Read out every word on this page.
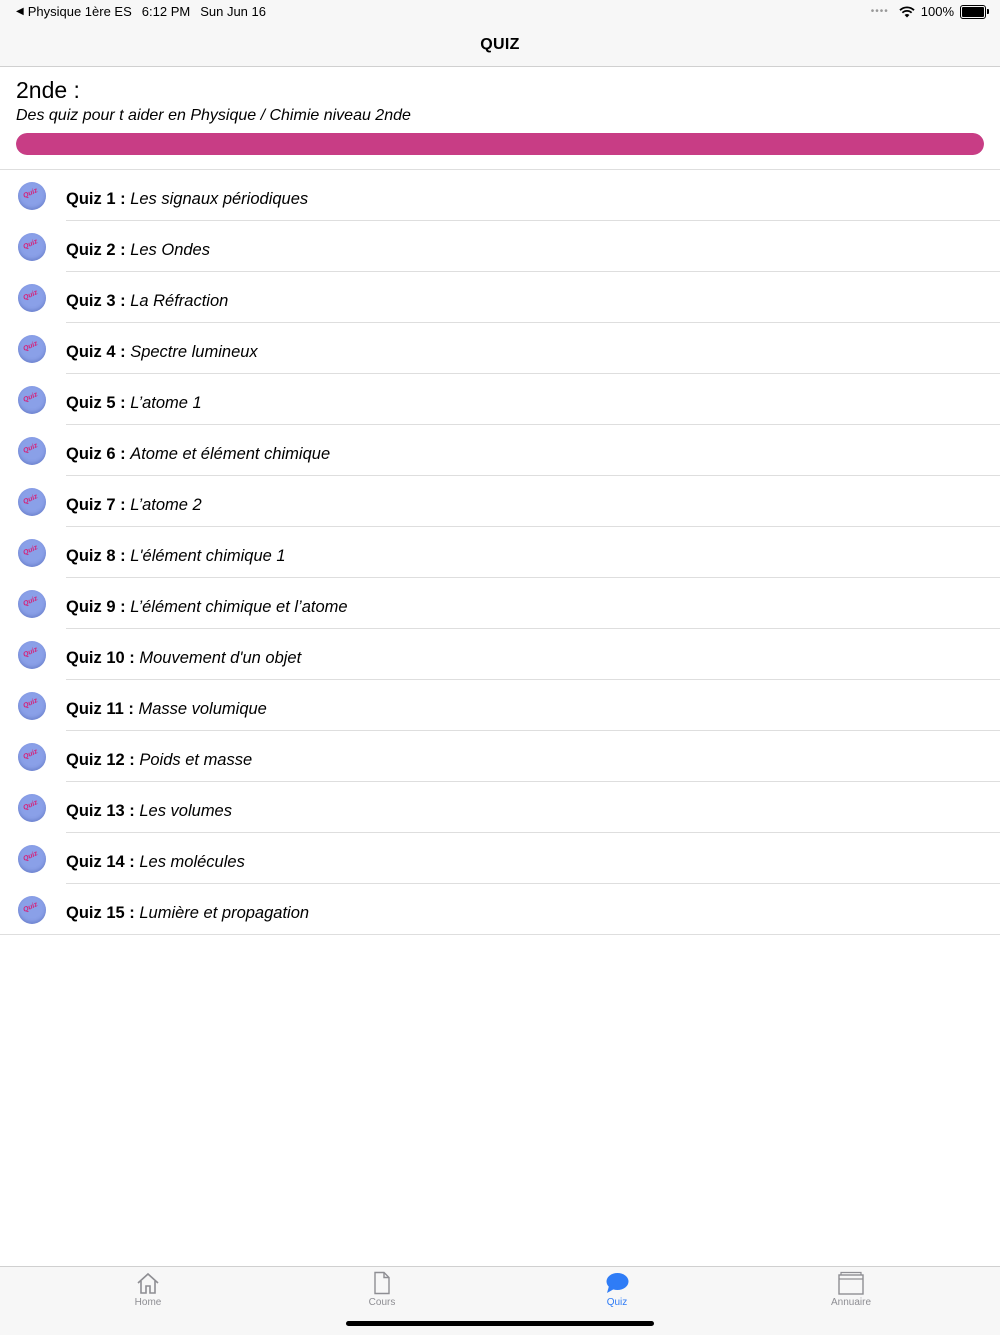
◀ Physique 1ère ES 6:12 PM Sun Jun 16	•••• 100%
QUIZ
2nde :
Des quiz pour t aider en Physique / Chimie niveau 2nde
Quiz Quiz 1 : Les signaux périodiques
Quiz Quiz 2 : Les Ondes
Quiz Quiz 3 : La Réfraction
Quiz Quiz 4 : Spectre lumineux
Quiz Quiz 5 : L’atome 1
Quiz Quiz 6 : Atome et élément chimique
Quiz Quiz 7 : L’atome 2
Quiz Quiz 8 : L'élément chimique 1
Quiz Quiz 9 : L’élément chimique et l’atome
Quiz Quiz 10 : Mouvement d'un objet
Quiz Quiz 11 : Masse volumique
Quiz Quiz 12 : Poids et masse
Quiz Quiz 13 : Les volumes
Quiz Quiz 14 : Les molécules
Quiz Quiz 15 : Lumière et propagation
Home	Cours	Quiz	Annuaire
